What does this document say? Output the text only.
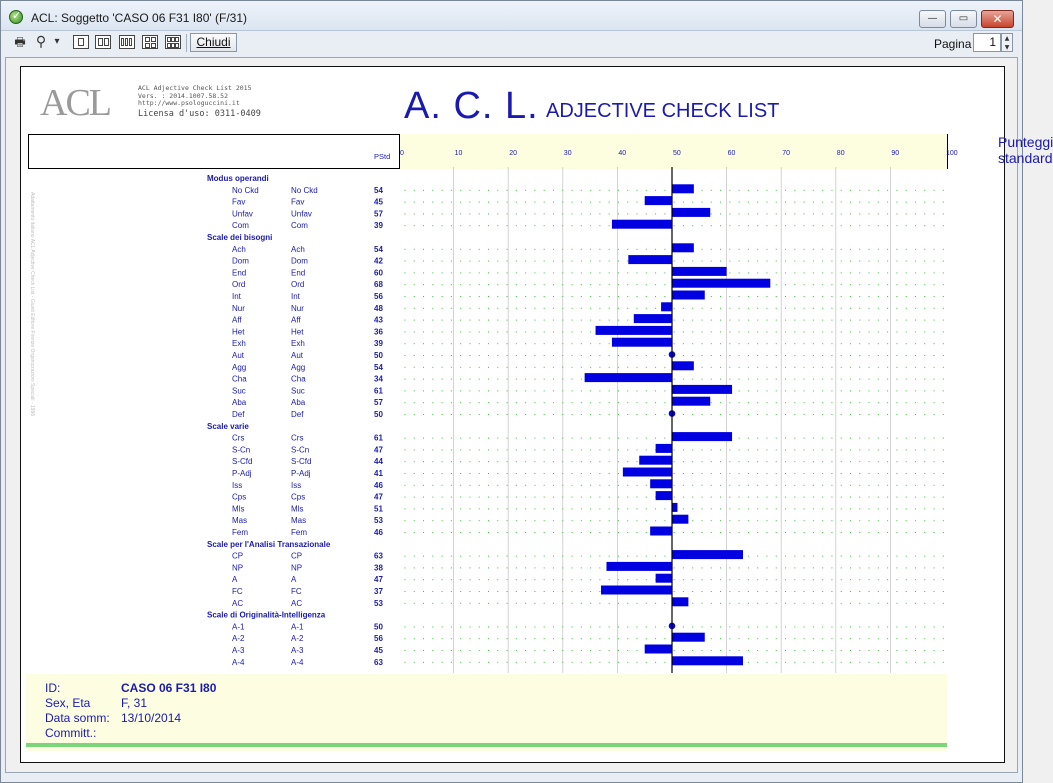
✓
ACL: Soggetto 'CASO 06 F31 I80' (F/31)	—	▭	✕
🖶 ⚲ ▾	Chiudi	Pagina	1	▲
▼
ACL	ACL Adjective Check List 2015
Vers. : 2014.1007.58.52
http://www.psologuccini.it
Licensa d'uso: 0311-0409	A. C. L. ADJECTIVE CHECK LIST
Punteggi standard
PStd
Adattamento italiano ACL Adjective Check List - Giunti Editore Firenze Organizzazioni Speciali - 1996
0	10	20	30	40	50	60	70	80	90	100
Modus operandi
No Ckd	No Ckd	54
Fav	Fav	45
Unfav	Unfav	57
Com	Com	39
Scale dei bisogni
Ach	Ach	54
Dom	Dom	42
End	End	60
Ord	Ord	68
Int	Int	56
Nur	Nur	48
Aff	Aff	43
Het	Het	36
Exh	Exh	39
Aut	Aut	50
Agg	Agg	54
Cha	Cha	34
Suc	Suc	61
Aba	Aba	57
Def	Def	50
Scale varie
Crs	Crs	61
S-Cn	S-Cn	47
S-Cfd	S-Cfd	44
P-Adj	P-Adj	41
Iss	Iss	46
Cps	Cps	47
Mls	Mls	51
Mas	Mas	53
Fem	Fem	46
Scale per l'Analisi Transazionale
CP	CP	63
NP	NP	38
A	A	47
FC	FC	37
AC	AC	53
Scale di Originalità-Intelligenza
A-1	A-1	50
A-2	A-2	56
A-3	A-3	45
A-4	A-4	63
ID:	CASO 06 F31 I80
Sex, Eta	F, 31
Data somm: 13/10/2014
Committ.:
